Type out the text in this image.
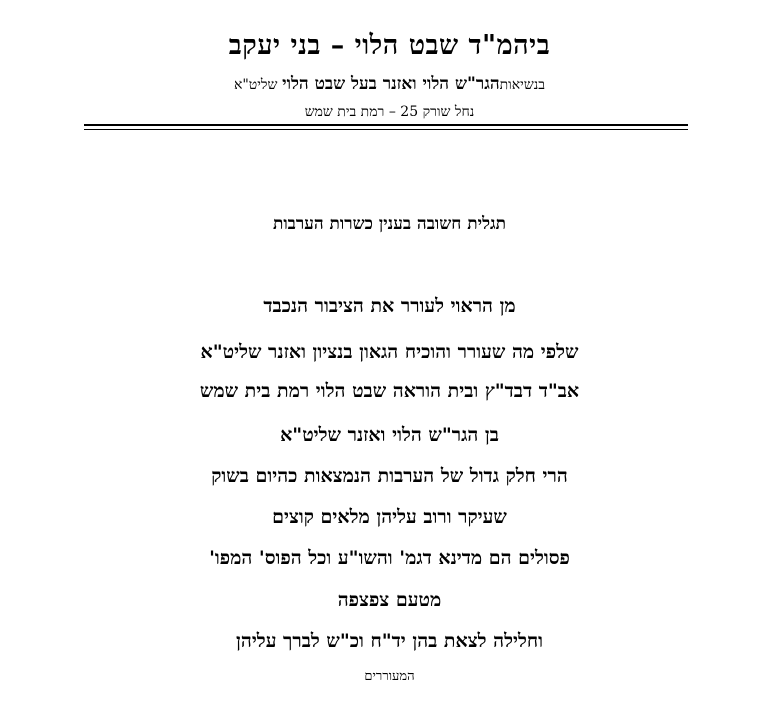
ביהמ"ד שבט הלוי – בני יעקב
בנשיאותהגר"ש הלוי ואזנר בעל שבט הלוי שליט"א
נחל שורק 25 – רמת בית שמש
תגלית חשובה בענין כשרות הערבות
מן הראוי לעורר את הציבור הנכבד
שלפי מה שעורר והוכיח הגאון בנציון ואזנר שליט"א
אב"ד דבד"ץ ובית הוראה שבט הלוי רמת בית שמש
בן הגר"ש הלוי ואזנר שליט"א
הרי חלק גדול של הערבות הנמצאות כהיום בשוק
שעיקר ורוב עליהן מלאים קוצים
פסולים הם מדינא דגמ' והשו"ע וכל הפוס' המפו'
מטעם צפצפה
וחלילה לצאת בהן יד"ח וכ"ש לברך עליהן
המעוררים
